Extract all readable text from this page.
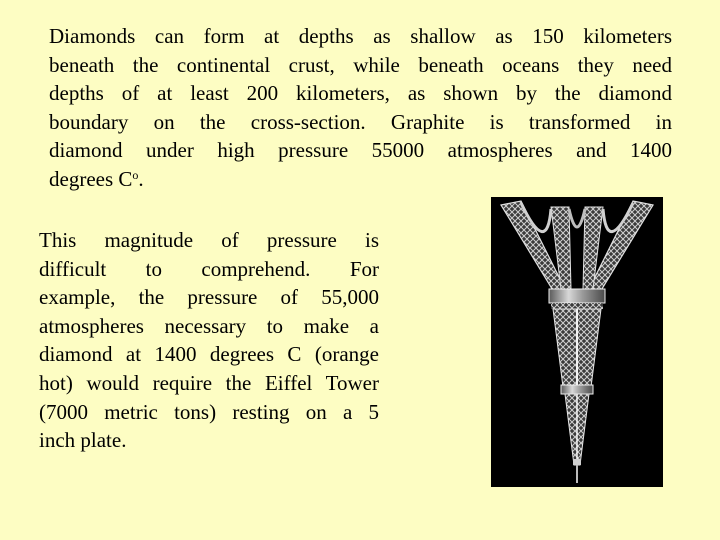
Diamonds can form at depths as shallow as 150 kilometers
beneath the continental crust, while beneath oceans they need
depths of at least 200 kilometers, as shown by the diamond
boundary on the cross-section. Graphite is transformed in
diamond under high pressure 55000 atmospheres and 1400
degrees $C^o$.
This magnitude of pressure is
difficult to comprehend. For
example, the pressure of 55,000
atmospheres necessary to make a
diamond at 1400 degrees C (orange
hot) would require the Eiffel Tower
(7000 metric tons) resting on a 5
inch plate.
